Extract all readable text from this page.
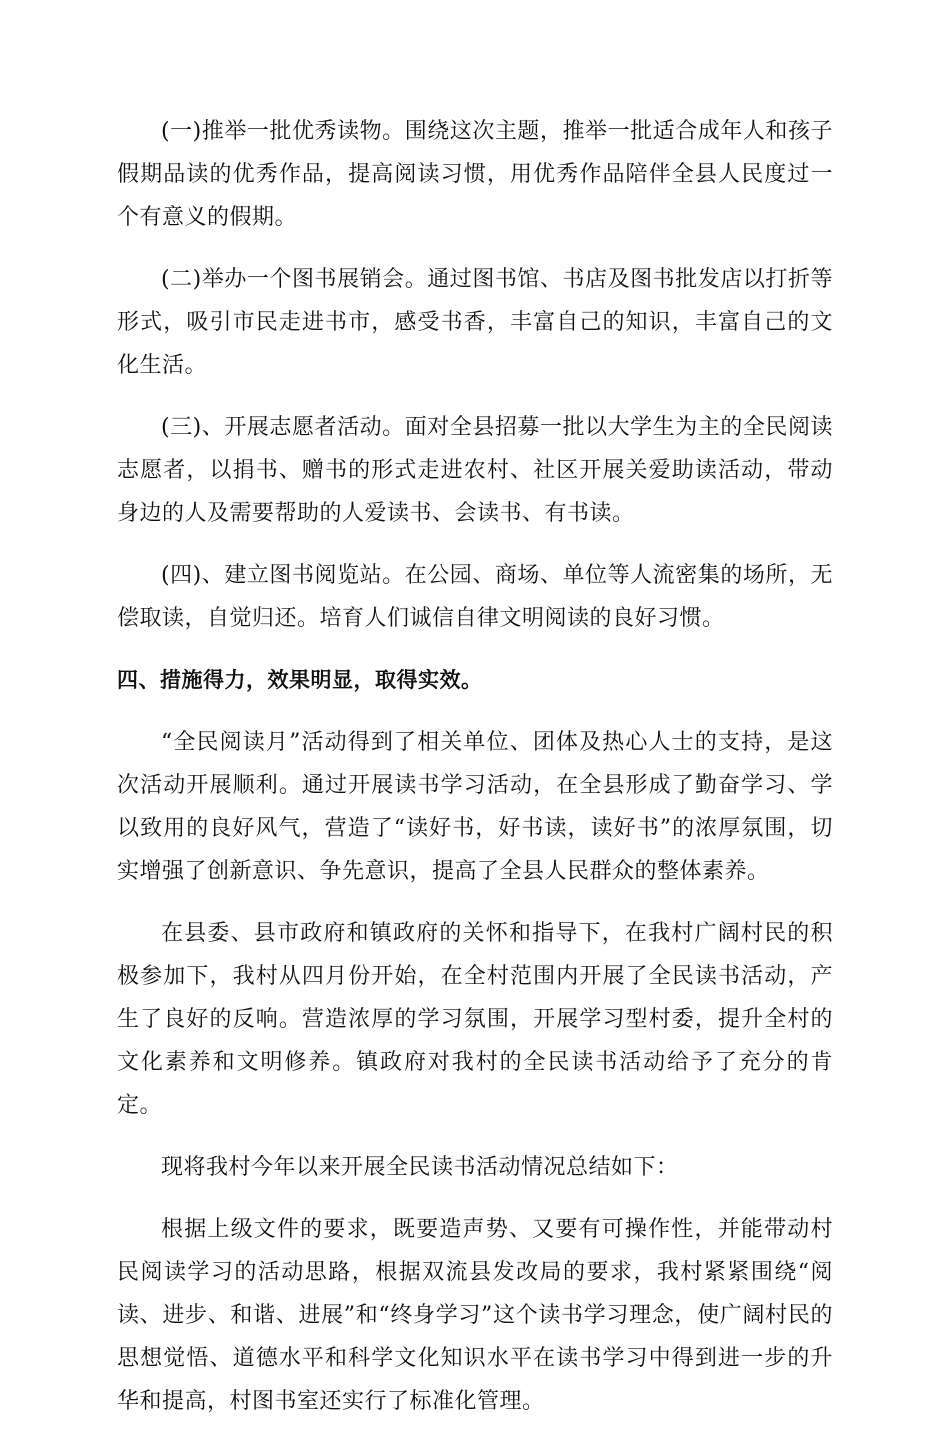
(一)推举一批优秀读物。围绕这次主题，推举一批适合成年人和孩子假期品读的优秀作品，提高阅读习惯，用优秀作品陪伴全县人民度过一个有意义的假期。

(二)举办一个图书展销会。通过图书馆、书店及图书批发店以打折等形式，吸引市民走进书市，感受书香，丰富自己的知识，丰富自己的文化生活。

(三)、开展志愿者活动。面对全县招募一批以大学生为主的全民阅读志愿者，以捐书、赠书的形式走进农村、社区开展关爱助读活动，带动身边的人及需要帮助的人爱读书、会读书、有书读。

(四)、建立图书阅览站。在公园、商场、单位等人流密集的场所，无偿取读，自觉归还。培育人们诚信自律文明阅读的良好习惯。

四、措施得力，效果明显，取得实效。

“全民阅读月”活动得到了相关单位、团体及热心人士的支持，是这次活动开展顺利。通过开展读书学习活动，在全县形成了勤奋学习、学以致用的良好风气，营造了“读好书，好书读，读好书”的浓厚氛围，切实增强了创新意识、争先意识，提高了全县人民群众的整体素养。

在县委、县市政府和镇政府的关怀和指导下，在我村广阔村民的积极参加下，我村从四月份开始，在全村范围内开展了全民读书活动，产生了良好的反响。营造浓厚的学习氛围，开展学习型村委，提升全村的文化素养和文明修养。镇政府对我村的全民读书活动给予了充分的肯定。

现将我村今年以来开展全民读书活动情况总结如下：

根据上级文件的要求，既要造声势、又要有可操作性，并能带动村民阅读学习的活动思路，根据双流县发改局的要求，我村紧紧围绕“阅读、进步、和谐、进展”和“终身学习”这个读书学习理念，使广阔村民的思想觉悟、道德水平和科学文化知识水平在读书学习中得到进一步的升华和提高，村图书室还实行了标准化管理。
